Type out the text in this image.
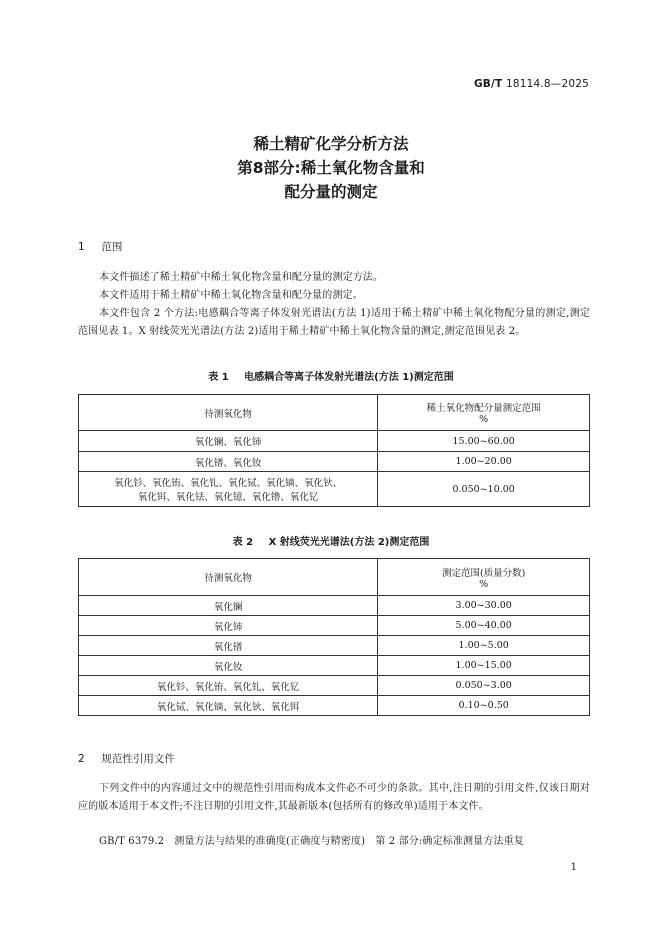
GB/T 18114.8—2025
稀土精矿化学分析方法
第8部分:稀土氧化物含量和
配分量的测定
1 范围

本文件描述了稀土精矿中稀土氧化物含量和配分量的测定方法。

本文件适用于稀土精矿中稀土氧化物含量和配分量的测定。

本文件包含 2 个方法:电感耦合等离子体发射光谱法(方法 1)适用于稀土精矿中稀土氧化物配分量的测定,测定范围见表 1。X 射线荧光光谱法(方法 2)适用于稀土精矿中稀土氧化物含量的测定,测定范围见表 2。

表 1 电感耦合等离子体发射光谱法(方法 1)测定范围
待测氧化物	稀土氧化物配分量测定范围
%

氧化镧、氧化铈	15.00~60.00
氧化镨、氧化钕	1.00~20.00

氧化钐、氧化铕、氧化钆、氧化铽、氧化镝、氧化钬、
氧化铒、氧化铥、氧化镱、氧化镥、氧化钇	0.050~10.00
表 2 X 射线荧光光谱法(方法 2)测定范围
待测氧化物	测定范围(质量分数)
%

氧化镧	3.00~30.00
氧化铈	5.00~40.00
氧化镨	1.00~5.00
氧化钕	1.00~15.00
氧化钐、氧化铕、氧化钆、氧化钇	0.050~3.00
氧化铽、氧化镝、氧化钬、氧化铒	0.10~0.50
2 规范性引用文件

下列文件中的内容通过文中的规范性引用而构成本文件必不可少的条款。其中,注日期的引用文件,仅该日期对应的版本适用于本文件;不注日期的引用文件,其最新版本(包括所有的修改单)适用于本文件。

GB/T 6379.2　测量方法与结果的准确度(正确度与精密度)　第 2 部分:确定标准测量方法重复

1
